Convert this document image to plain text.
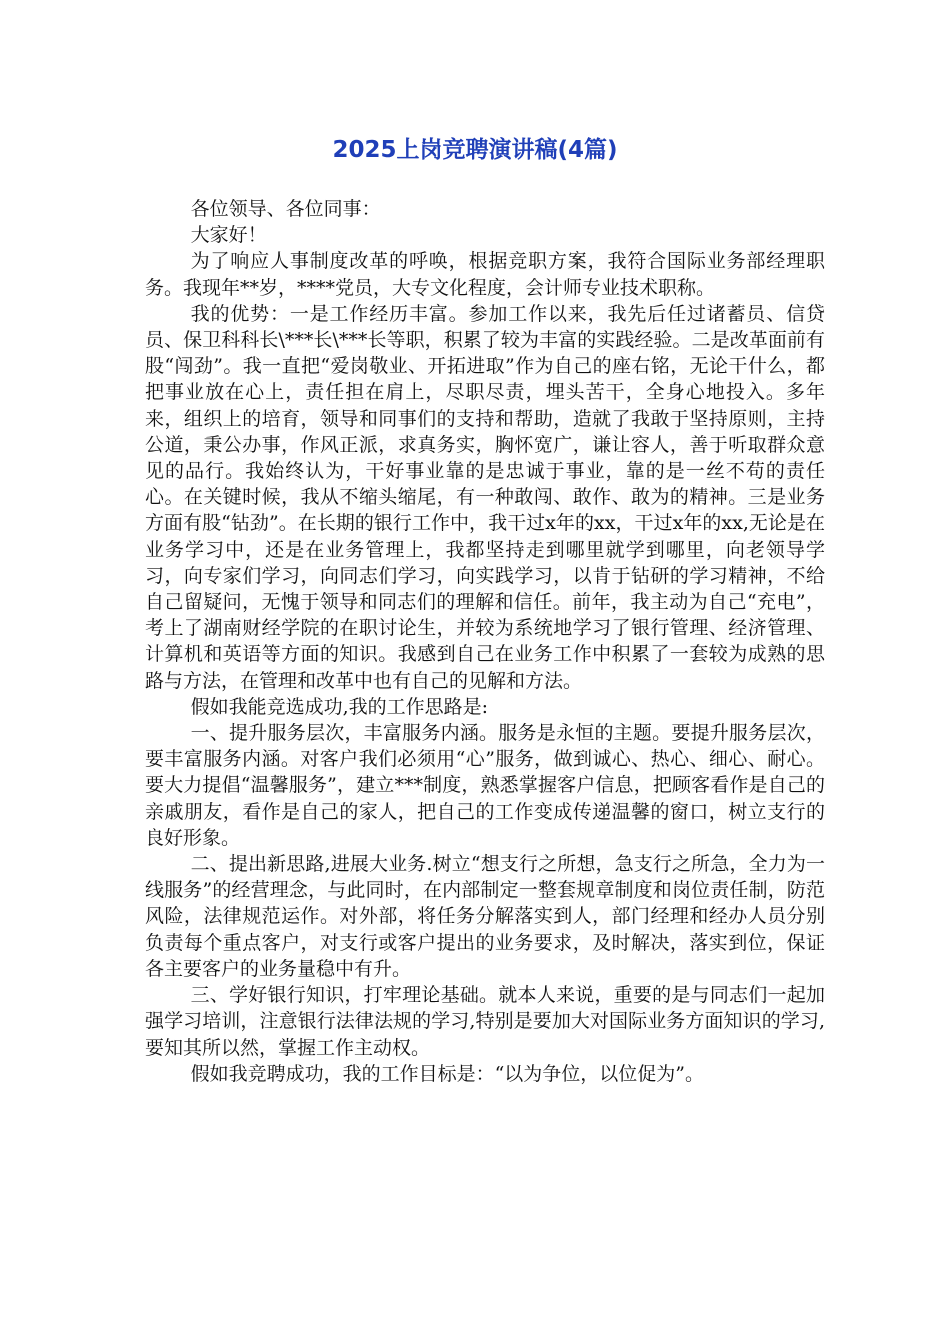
2025上岗竞聘演讲稿(4篇)

各位领导、各位同事：

大家好！

为了响应人事制度改革的呼唤，根据竞职方案，我符合国际业务部经理职务。我现年**岁，****党员，大专文化程度，会计师专业技术职称。

我的优势：一是工作经历丰富。参加工作以来，我先后任过诸蓄员、信贷员、保卫科科长\***长\***长等职，积累了较为丰富的实践经验。二是改革面前有股“闯劲”。我一直把“爱岗敬业、开拓进取”作为自己的座右铭，无论干什么，都把事业放在心上，责任担在肩上，尽职尽责，埋头苦干，全身心地投入。多年来，组织上的培育，领导和同事们的支持和帮助，造就了我敢于坚持原则，主持公道，秉公办事，作风正派，求真务实，胸怀宽广，谦让容人，善于听取群众意见的品行。我始终认为，干好事业靠的是忠诚于事业，靠的是一丝不苟的责任心。在关键时候，我从不缩头缩尾，有一种敢闯、敢作、敢为的精神。三是业务方面有股“钻劲”。在长期的银行工作中，我干过x年的xx，干过x年的xx,无论是在业务学习中，还是在业务管理上，我都坚持走到哪里就学到哪里，向老领导学习，向专家们学习，向同志们学习，向实践学习，以肯于钻研的学习精神，不给自己留疑问，无愧于领导和同志们的理解和信任。前年，我主动为自己“充电”，考上了湖南财经学院的在职讨论生，并较为系统地学习了银行管理、经济管理、计算机和英语等方面的知识。我感到自己在业务工作中积累了一套较为成熟的思路与方法，在管理和改革中也有自己的见解和方法。

假如我能竞选成功,我的工作思路是:

一、提升服务层次，丰富服务内涵。服务是永恒的主题。要提升服务层次，要丰富服务内涵。对客户我们必须用“心”服务，做到诚心、热心、细心、耐心。要大力提倡“温馨服务”，建立***制度，熟悉掌握客户信息，把顾客看作是自己的亲戚朋友，看作是自己的家人，把自己的工作变成传递温馨的窗口，树立支行的良好形象。

二、提出新思路,进展大业务.树立“想支行之所想，急支行之所急，全力为一线服务”的经营理念，与此同时，在内部制定一整套规章制度和岗位责任制，防范风险，法律规范运作。对外部，将任务分解落实到人，部门经理和经办人员分别负责每个重点客户，对支行或客户提出的业务要求，及时解决，落实到位，保证各主要客户的业务量稳中有升。

三、学好银行知识，打牢理论基础。就本人来说，重要的是与同志们一起加强学习培训，注意银行法律法规的学习,特别是要加大对国际业务方面知识的学习,要知其所以然，掌握工作主动权。

假如我竞聘成功，我的工作目标是：“以为争位，以位促为”。
